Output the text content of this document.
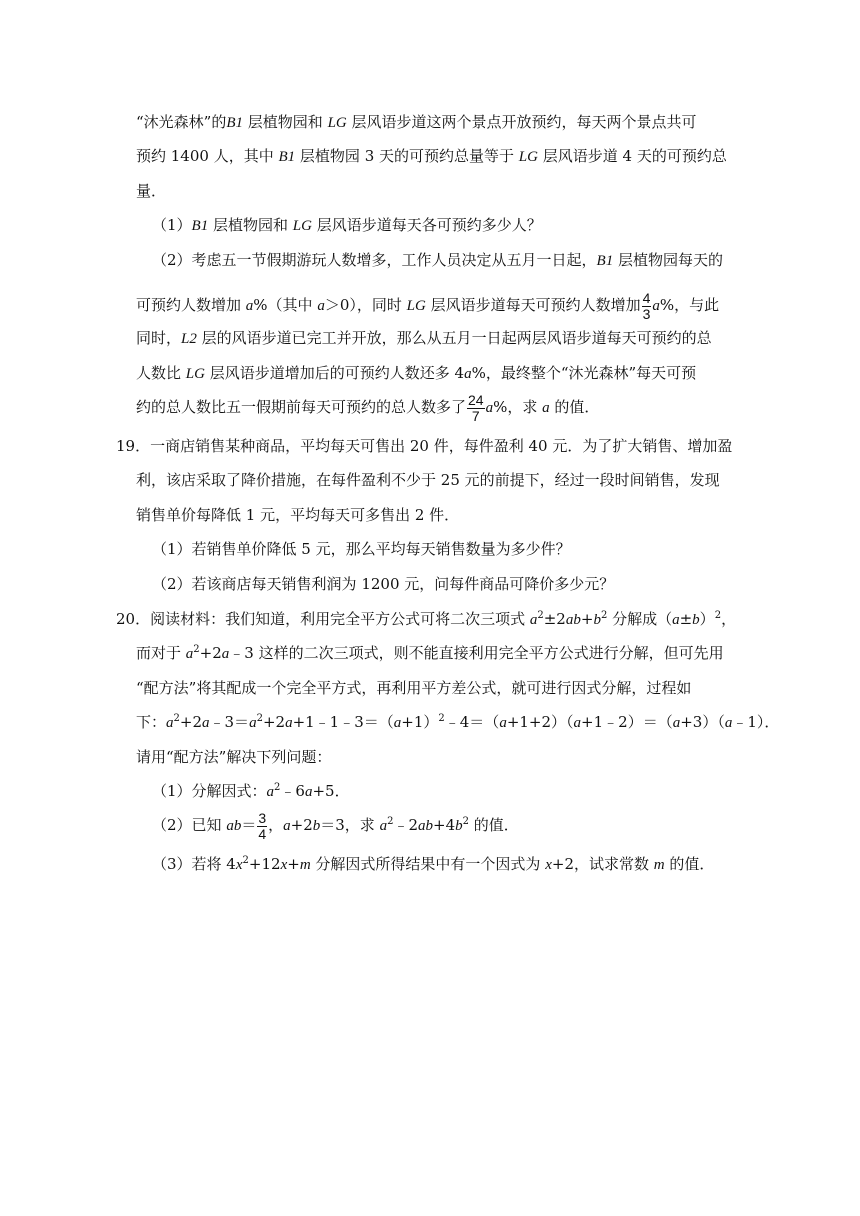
“沐光森林”的B1 层植物园和 LG 层风语步道这两个景点开放预约，每天两个景点共可
预约 1400 人，其中 B1 层植物园 3 天的可预约总量等于 LG 层风语步道 4 天的可预约总
量．
（1）B1 层植物园和 LG 层风语步道每天各可预约多少人？
（2）考虑五一节假期游玩人数增多，工作人员决定从五月一日起，B1 层植物园每天的
可预约人数增加 a%（其中 a＞0），同时 LG 层风语步道每天可预约人数增加 $\frac{4}{3} a\%$，与此
同时，L2 层的风语步道已完工并开放，那么从五月一日起两层风语步道每天可预约的总
人数比 LG 层风语步道增加后的可预约人数还多 4a%，最终整个“沐光森林”每天可预
约的总人数比五一假期前每天可预约的总人数多了 $\frac{24}{7} a\%$，求 a 的值．
19．一商店销售某种商品，平均每天可售出 20 件，每件盈利 40 元．为了扩大销售、增加盈
利，该店采取了降价措施，在每件盈利不少于 25 元的前提下，经过一段时间销售，发现
销售单价每降低 1 元，平均每天可多售出 2 件．
（1）若销售单价降低 5 元，那么平均每天销售数量为多少件？
（2）若该商店每天销售利润为 1200 元，问每件商品可降价多少元？
20．阅读材料：我们知道，利用完全平方公式可将二次三项式 $a^2\pm 2ab+b^2$ 分解成$(a\pm b)^2$，
而对于 $a^2+2a﹣3$ 这样的二次三项式，则不能直接利用完全平方公式进行分解，但可先用
“配方法”将其配成一个完全平方式，再利用平方差公式，就可进行因式分解，过程如
下：$a^2+2a﹣3=a^2+2a+1﹣1﹣3=(a+1)^2﹣4=(a+1+2)(a+1﹣2)=(a+3)(a﹣1)$．
请用“配方法”解决下列问题：
（1）分解因式：$a^2﹣6a+5$．
（2）已知 $ab= \frac{3}{4}$ ，a+2b＝3，求 $a^2﹣2ab+4b^2$ 的值．
（3）若将 $4x^2+12x+m$ 分解因式所得结果中有一个因式为 x+2，试求常数 m 的值．
